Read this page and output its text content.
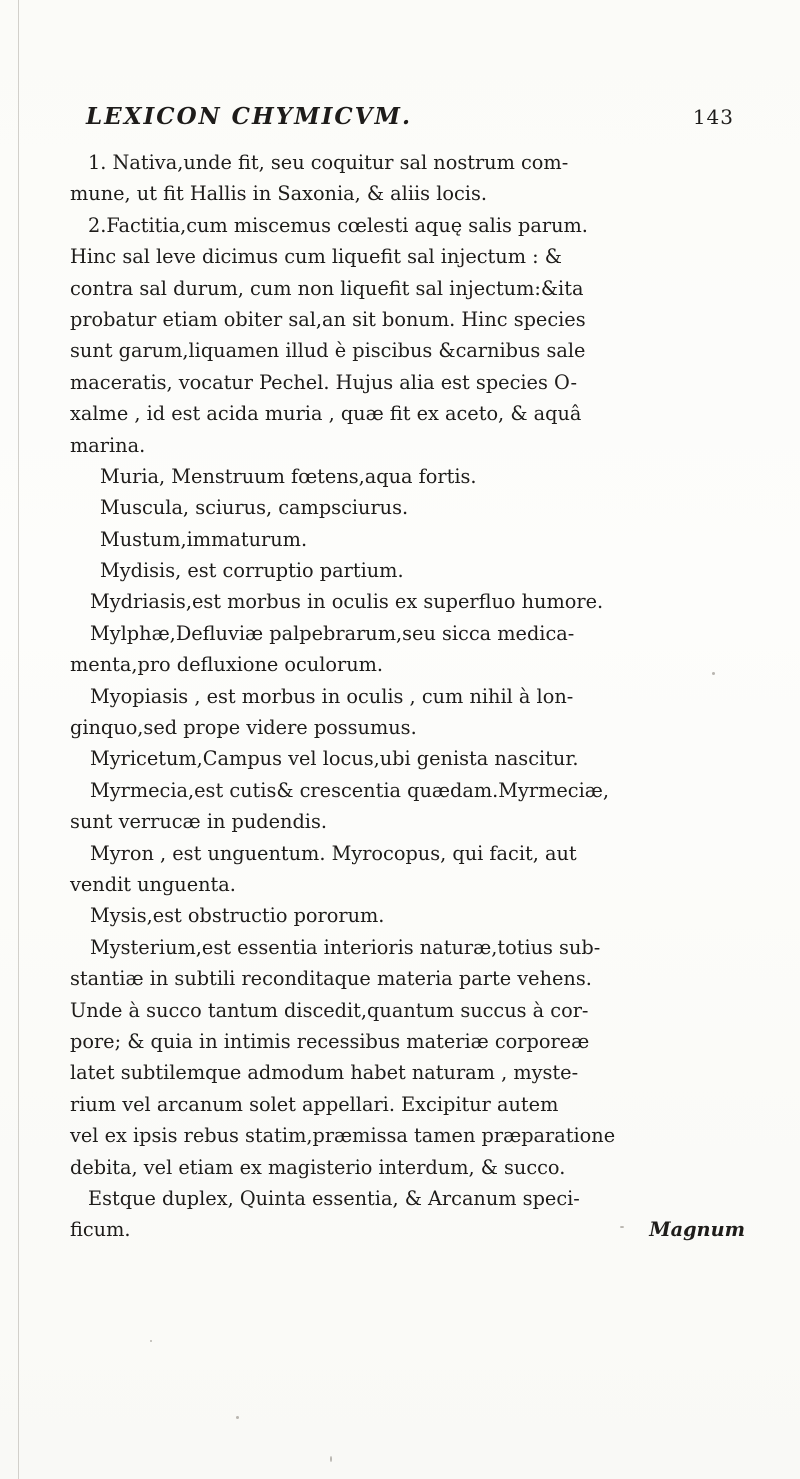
LEXICON CHYMICVM.	143
1. Nativa,unde fit, seu coquitur sal nostrum com-
mune, ut fit Hallis in Saxonia, & aliis locis.
2.Factitia,cum miscemus cœlesti aquę salis parum.
Hinc sal leve dicimus cum liquefit sal injectum : &
contra sal durum, cum non liquefit sal injectum:&ita
probatur etiam obiter sal,an sit bonum. Hinc species
sunt garum,liquamen illud è piscibus &carnibus sale
maceratis, vocatur Pechel. Hujus alia est species O-
xalme , id est acida muria , quæ fit ex aceto, & aquâ
marina.
Muria, Menstruum fœtens,aqua fortis.
Muscula, sciurus, campsciurus.
Mustum,immaturum.
Mydisis, est corruptio partium.
Mydriasis,est morbus in oculis ex superfluo humore.
Mylphæ,Defluviæ palpebrarum,seu sicca medica-
menta,pro defluxione oculorum.
Myopiasis , est morbus in oculis , cum nihil à lon-
ginquo,sed prope videre possumus.
Myricetum,Campus vel locus,ubi genista nascitur.
Myrmecia,est cutis& crescentia quædam.Myrmeciæ,
sunt verrucæ in pudendis.
Myron , est unguentum. Myrocopus, qui facit, aut
vendit unguenta.
Mysis,est obstructio pororum.
Mysterium,est essentia interioris naturæ,totius sub-
stantiæ in subtili reconditaque materia parte vehens.
Unde à succo tantum discedit,quantum succus à cor-
pore; & quia in intimis recessibus materiæ corporeæ
latet subtilemque admodum habet naturam , myste-
rium vel arcanum solet appellari. Excipitur autem
vel ex ipsis rebus statim,præmissa tamen præparatione
debita, vel etiam ex magisterio interdum, & succo.
Estque duplex, Quinta essentia, & Arcanum speci-
ficum.	Magnum
